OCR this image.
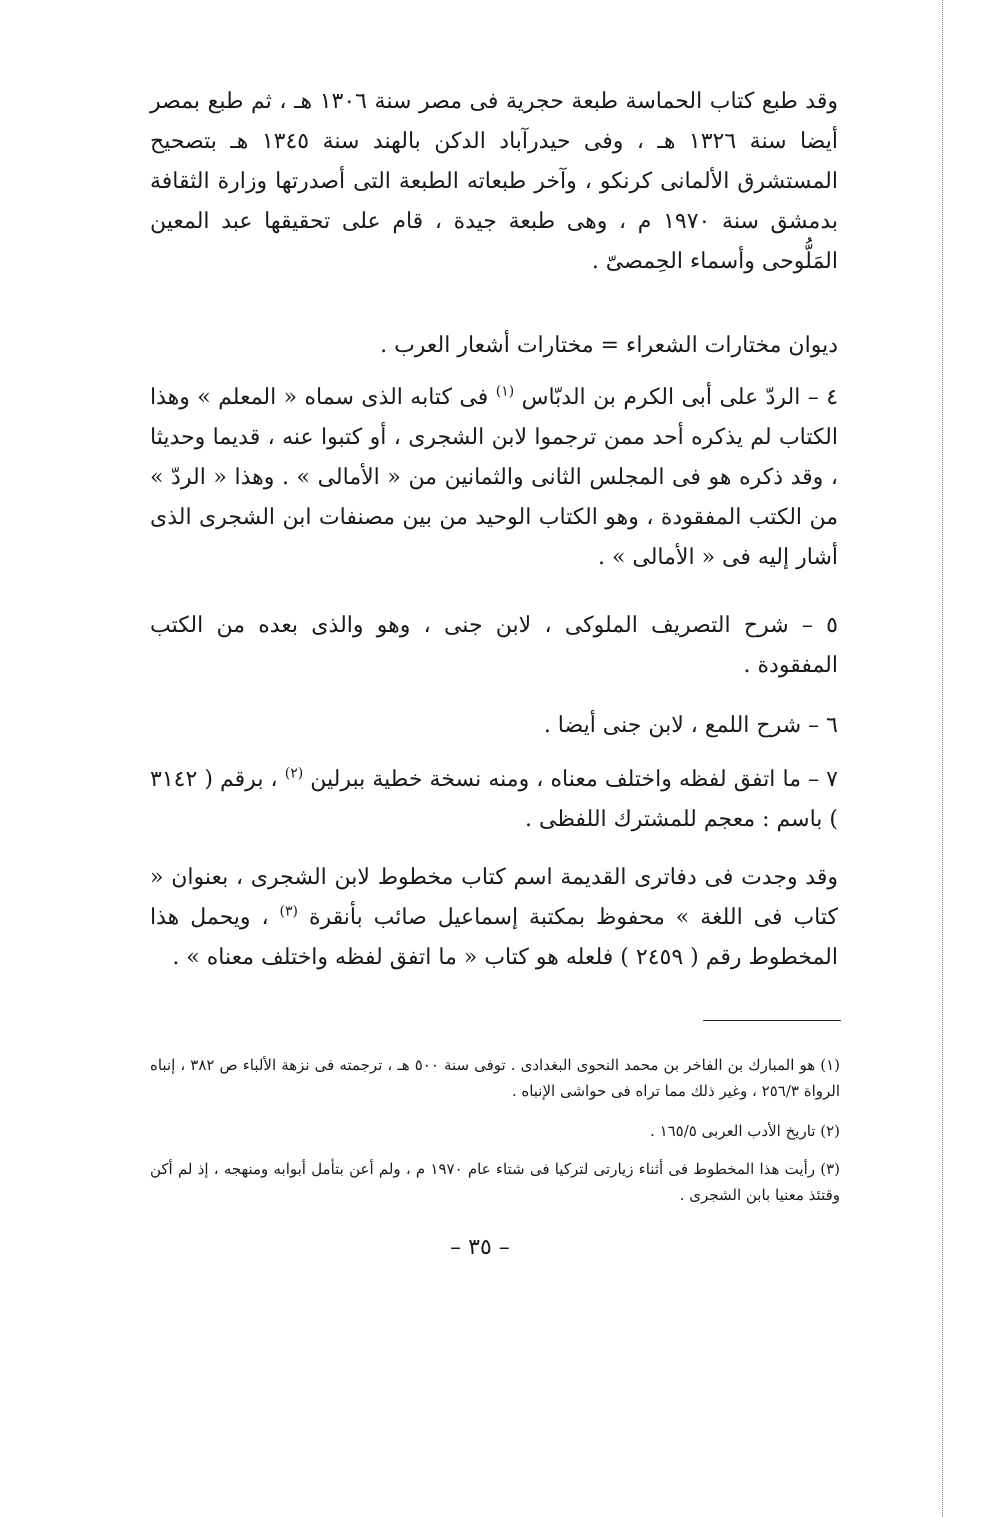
وقد طبع كتاب الحماسة طبعة حجرية فى مصر سنة ١٣٠٦ هـ ، ثم طبع بمصر أيضا سنة ١٣٢٦ هـ ، وفى حيدرآباد الدكن بالهند سنة ١٣٤٥ هـ بتصحيح المستشرق الألمانى كرنكو ، وآخر طبعاته الطبعة التى أصدرتها وزارة الثقافة بدمشق سنة ١٩٧٠ م ، وهى طبعة جيدة ، قام على تحقيقها عبد المعين المَلُّوحى وأسماء الحِمصىّ .

ديوان مختارات الشعراء = مختارات أشعار العرب .

٤ – الردّ على أبى الكرم بن الدبّاس $^{(١)}$ فى كتابه الذى سماه « المعلم » وهذا الكتاب لم يذكره أحد ممن ترجموا لابن الشجرى ، أو كتبوا عنه ، قديما وحديثا ، وقد ذكره هو فى المجلس الثانى والثمانين من « الأمالى » . وهذا « الردّ » من الكتب المفقودة ، وهو الكتاب الوحيد من بين مصنفات ابن الشجرى الذى أشار إليه فى « الأمالى » .

٥ – شرح التصريف الملوكى ، لابن جنى ، وهو والذى بعده من الكتب المفقودة .

٦ – شرح اللمع ، لابن جنى أيضا .

٧ – ما اتفق لفظه واختلف معناه ، ومنه نسخة خطية ببرلين $^{(٢)}$ ، برقم ( ٣١٤٢ ) باسم : معجم للمشترك اللفظى .

وقد وجدت فى دفاترى القديمة اسم كتاب مخطوط لابن الشجرى ، بعنوان « كتاب فى اللغة » محفوظ بمكتبة إسماعيل صائب بأنقرة $^{(٣)}$ ، ويحمل هذا المخطوط رقم ( ٢٤٥٩ ) فلعله هو كتاب « ما اتفق لفظه واختلف معناه » .

(١) هو المبارك بن الفاخر بن محمد النحوى البغدادى . توفى سنة ٥٠٠ هـ ، ترجمته فى نزهة الألباء ص ٣٨٢ ، إنباه الرواة ٢٥٦/٣ ، وغير ذلك مما تراه فى حواشى الإنباه .

(٢) تاريخ الأدب العربى ١٦٥/٥ .

(٣) رأيت هذا المخطوط فى أثناء زيارتى لتركيا فى شتاء عام ١٩٧٠ م ، ولم أعن بتأمل أبوابه ومنهجه ، إذ لم أكن وقتئذ معنيا بابن الشجرى .

– ٣٥ –
